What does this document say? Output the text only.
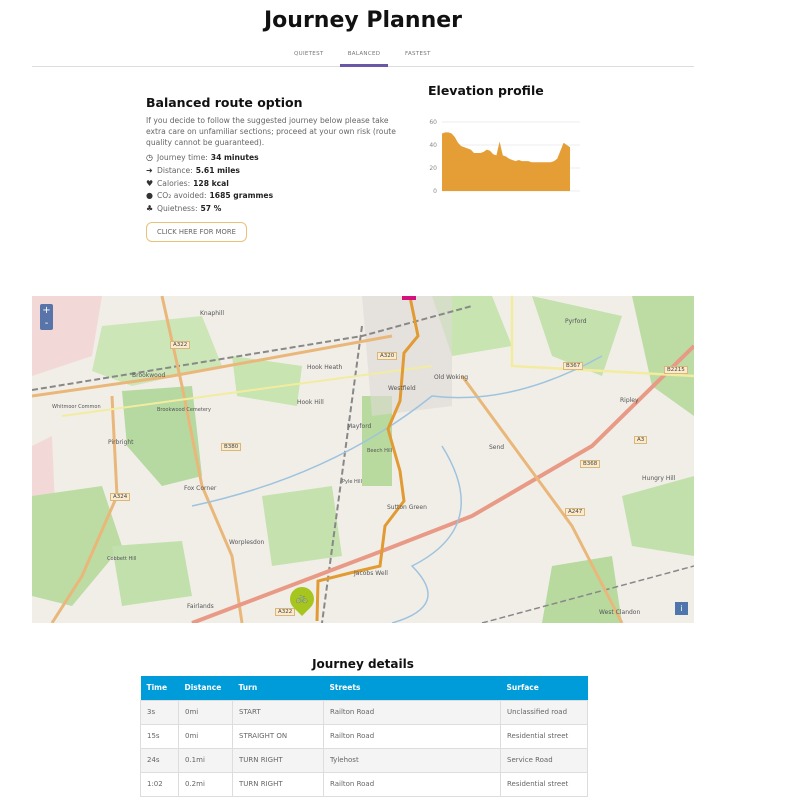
Journey Planner
QUIETEST	BALANCED	FASTEST
Balanced route option

If you decide to follow the suggested journey below please take extra care on unfamiliar sections; proceed at your own risk (route quality cannot be guaranteed).

◷ Journey time: 34 minutes
➜ Distance: 5.61 miles
♥ Calories: 128 kcal
● CO₂ avoided: 1685 grammes
♣ Quietness: 57 %
CLICK HERE FOR MORE
Elevation profile
0
20
40
60
+
-
Knaphill
Brookwood
Hook Heath
Hook Hill
Pirbright
Fox Corner
Worplesdon
Fairlands
Mayford
Westfield
Old Woking
Sutton Green
Jacobs Well
Pyrford
Send
Ripley
Hungry Hill
West Clandon
Brookwood Cemetery
Cobbett Hill
Beech Hill
Pyle Hill
Whitmoor Common
A322
A324
A320
B380
B367
B368
A247
A3
B2215
A322
🚲
i
Journey details
Time	Distance	Turn	Streets	Surface
3s	0mi	START	Railton Road	Unclassified road
15s	0mi	STRAIGHT ON	Railton Road	Residential street
24s	0.1mi	TURN RIGHT	Tylehost	Service Road
1:02	0.2mi	TURN RIGHT	Railton Road	Residential street
